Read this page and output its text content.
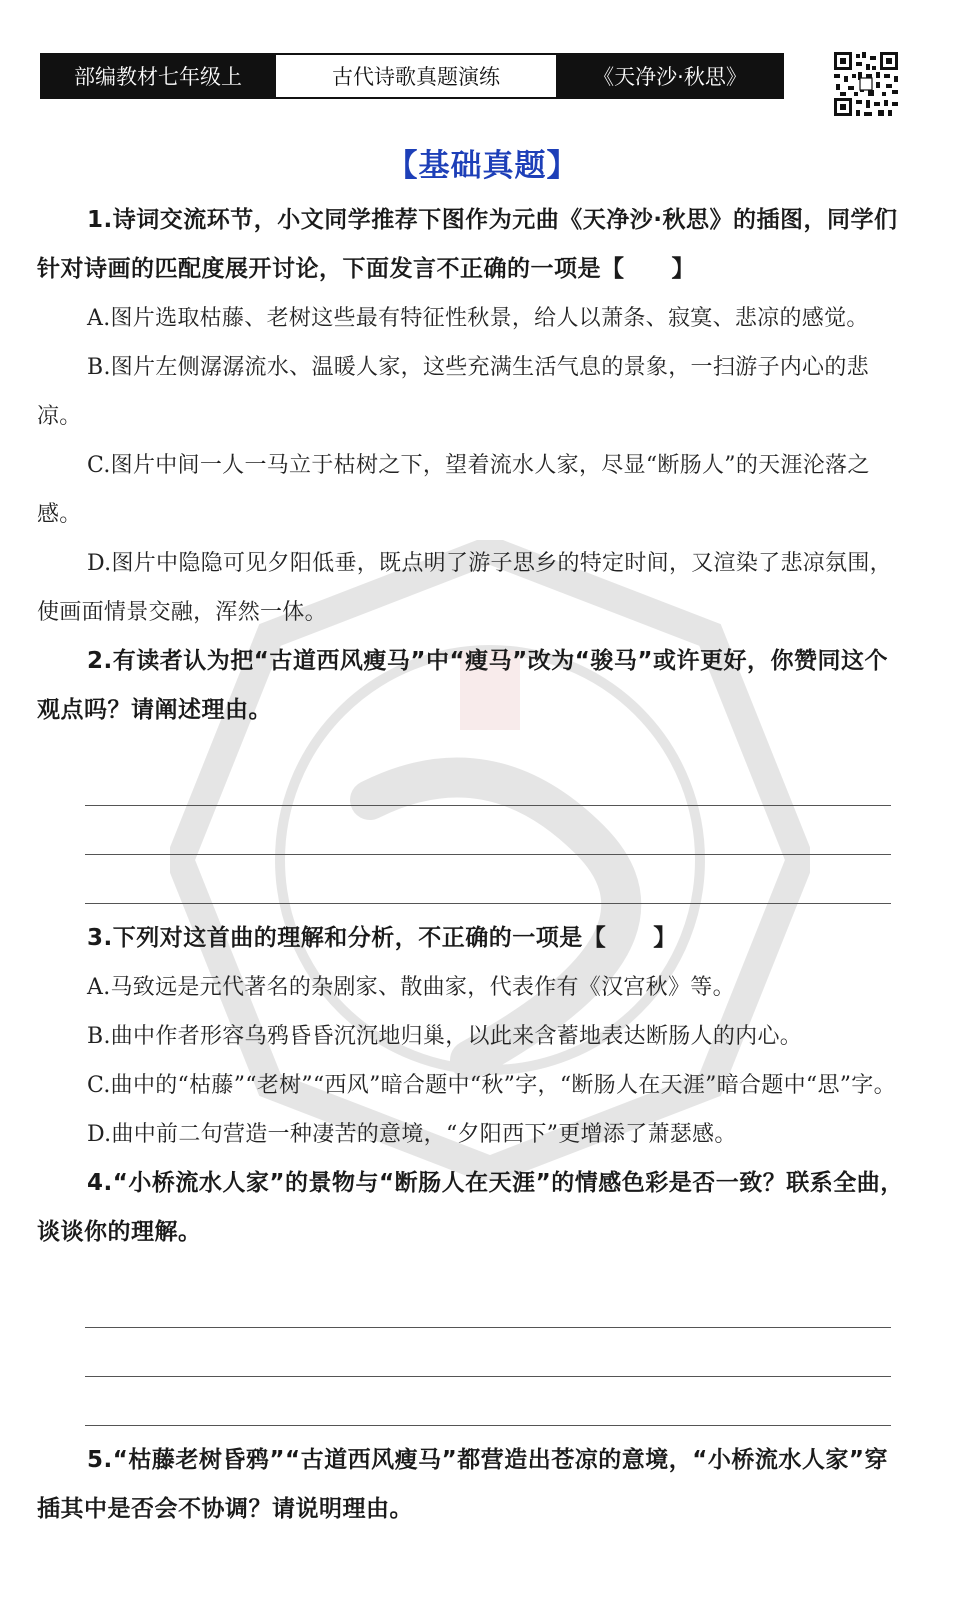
部编教材七年级上	古代诗歌真题演练	《天净沙·秋思》
【基础真题】

1.诗词交流环节，小文同学推荐下图作为元曲《天净沙·秋思》的插图，同学们针对诗画的匹配度展开讨论，下面发言不正确的一项是【　　】

A.图片选取枯藤、老树这些最有特征性秋景，给人以萧条、寂寞、悲凉的感觉。

B.图片左侧潺潺流水、温暖人家，这些充满生活气息的景象，一扫游子内心的悲凉。

C.图片中间一人一马立于枯树之下，望着流水人家，尽显“断肠人”的天涯沦落之感。

D.图片中隐隐可见夕阳低垂，既点明了游子思乡的特定时间，又渲染了悲凉氛围，使画面情景交融，浑然一体。

2.有读者认为把“古道西风瘦马”中“瘦马”改为“骏马”或许更好，你赞同这个观点吗？请阐述理由。

3.下列对这首曲的理解和分析，不正确的一项是【　　】

A.马致远是元代著名的杂剧家、散曲家，代表作有《汉宫秋》等。

B.曲中作者形容乌鸦昏昏沉沉地归巢，以此来含蓄地表达断肠人的内心。

C.曲中的“枯藤”“老树”“西风”暗合题中“秋”字，“断肠人在天涯”暗合题中“思”字。

D.曲中前二句营造一种凄苦的意境，“夕阳西下”更增添了萧瑟感。

4.“小桥流水人家”的景物与“断肠人在天涯”的情感色彩是否一致？联系全曲，谈谈你的理解。

5.“枯藤老树昏鸦”“古道西风瘦马”都营造出苍凉的意境，“小桥流水人家”穿插其中是否会不协调？请说明理由。
